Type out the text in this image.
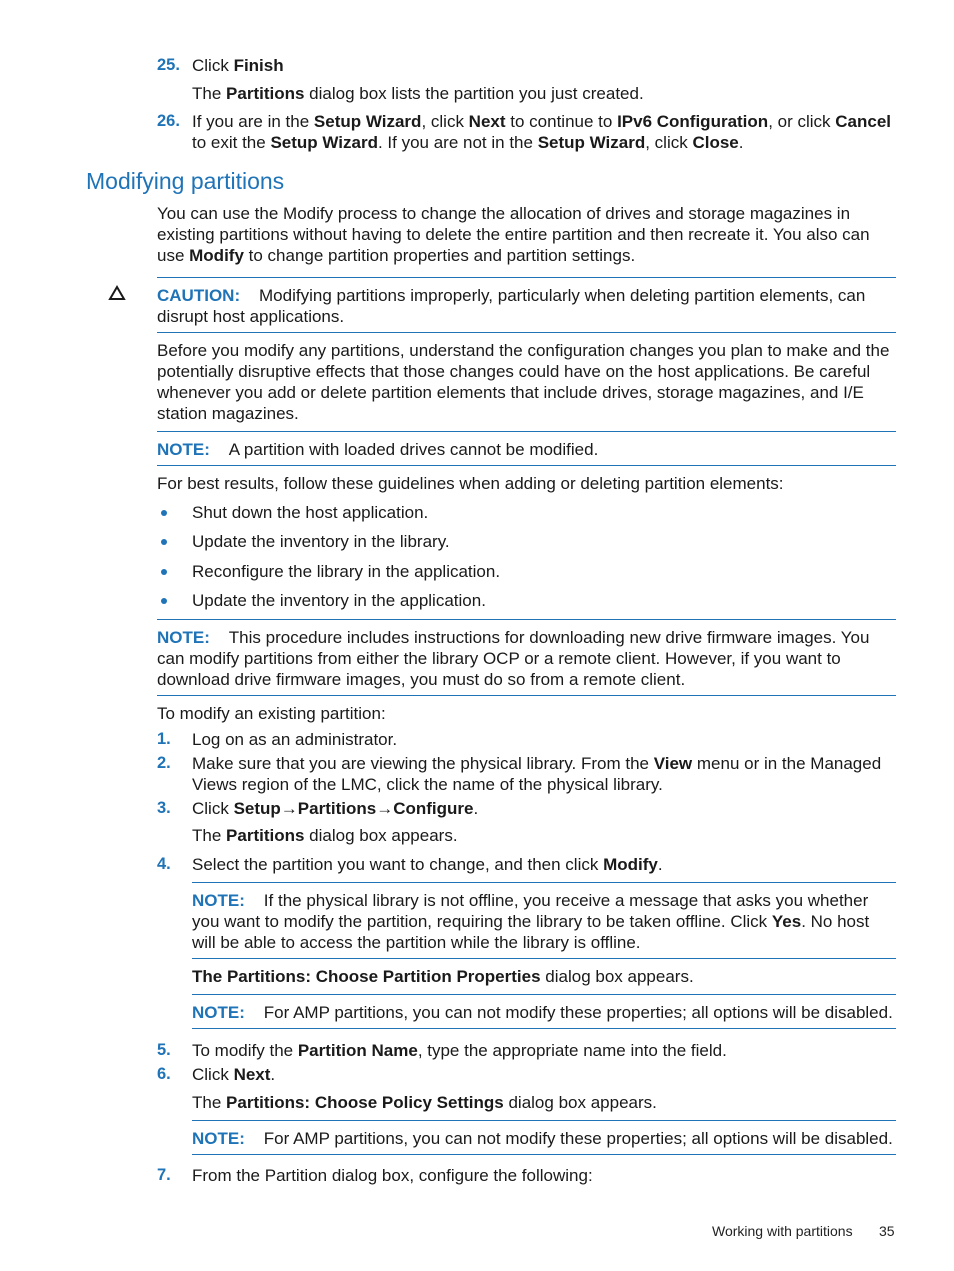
25. Click Finish
The Partitions dialog box lists the partition you just created.
26. If you are in the Setup Wizard, click Next to continue to IPv6 Configuration, or click Cancel to exit the Setup Wizard. If you are not in the Setup Wizard, click Close.
Modifying partitions
You can use the Modify process to change the allocation of drives and storage magazines in existing partitions without having to delete the entire partition and then recreate it. You also can use Modify to change partition properties and partition settings.
CAUTION: Modifying partitions improperly, particularly when deleting partition elements, can disrupt host applications.
Before you modify any partitions, understand the configuration changes you plan to make and the potentially disruptive effects that those changes could have on the host applications. Be careful whenever you add or delete partition elements that include drives, storage magazines, and I/E station magazines.
NOTE: A partition with loaded drives cannot be modified.
For best results, follow these guidelines when adding or deleting partition elements:
Shut down the host application.
Update the inventory in the library.
Reconfigure the library in the application.
Update the inventory in the application.
NOTE: This procedure includes instructions for downloading new drive firmware images. You can modify partitions from either the library OCP or a remote client. However, if you want to download drive firmware images, you must do so from a remote client.
To modify an existing partition:
1. Log on as an administrator.
2. Make sure that you are viewing the physical library. From the View menu or in the Managed Views region of the LMC, click the name of the physical library.
3. Click Setup→Partitions→Configure.
The Partitions dialog box appears.
4. Select the partition you want to change, and then click Modify.
NOTE: If the physical library is not offline, you receive a message that asks you whether you want to modify the partition, requiring the library to be taken offline. Click Yes. No host will be able to access the partition while the library is offline.
The Partitions: Choose Partition Properties dialog box appears.
NOTE: For AMP partitions, you can not modify these properties; all options will be disabled.
5. To modify the Partition Name, type the appropriate name into the field.
6. Click Next.
The Partitions: Choose Policy Settings dialog box appears.
NOTE: For AMP partitions, you can not modify these properties; all options will be disabled.
7. From the Partition dialog box, configure the following:
Working with partitions 35
